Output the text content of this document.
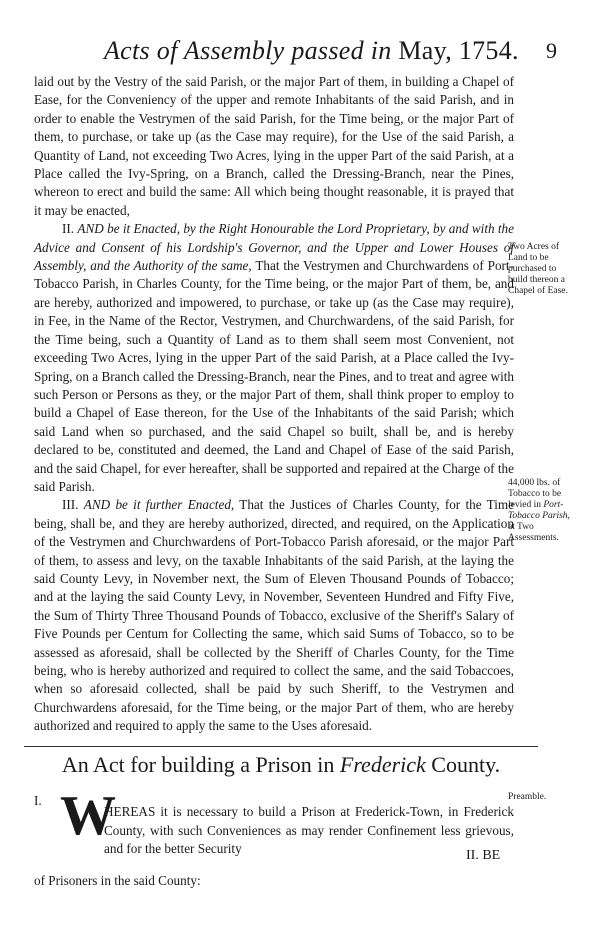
Acts of Assembly passed in May, 1754. 9

laid out by the Vestry of the said Parish, or the major Part of them, in building a Chapel of Ease, for the Conveniency of the upper and remote Inhabitants of the said Parish, and in order to enable the Vestrymen of the said Parish, for the Time being, or the major Part of them, to purchase, or take up (as the Case may require), for the Use of the said Parish, a Quantity of Land, not exceeding Two Acres, lying in the upper Part of the said Parish, at a Place called the Ivy-Spring, on a Branch, called the Dressing-Branch, near the Pines, whereon to erect and build the same: All which being thought reasonable, it is prayed that it may be enacted,

II. AND be it Enacted, by the Right Honourable the Lord Proprietary, by and with the Advice and Consent of his Lordship's Governor, and the Upper and Lower Houses of Assembly, and the Authority of the same, That the Vestrymen and Churchwardens of Port-Tobacco Parish, in Charles County, for the Time being, or the major Part of them, be, and are hereby, authorized and impowered, to purchase, or take up (as the Case may require), in Fee, in the Name of the Rector, Vestrymen, and Churchwardens, of the said Parish, for the Time being, such a Quantity of Land as to them shall seem most Convenient, not exceeding Two Acres, lying in the upper Part of the said Parish, at a Place called the Ivy-Spring, on a Branch called the Dressing-Branch, near the Pines, and to treat and agree with such Person or Persons as they, or the major Part of them, shall think proper to employ to build a Chapel of Ease thereon, for the Use of the Inhabitants of the said Parish; which said Land when so purchased, and the said Chapel so built, shall be, and is hereby declared to be, constituted and deemed, the Land and Chapel of Ease of the said Parish, and the said Chapel, for ever hereafter, shall be supported and repaired at the Charge of the said Parish.

III. AND be it further Enacted, That the Justices of Charles County, for the Time being, shall be, and they are hereby authorized, directed, and required, on the Application of the Vestrymen and Churchwardens of Port-Tobacco Parish aforesaid, or the major Part of them, to assess and levy, on the taxable Inhabitants of the said Parish, at the laying the said County Levy, in November next, the Sum of Eleven Thousand Pounds of Tobacco; and at the laying the said County Levy, in November, Seventeen Hundred and Fifty Five, the Sum of Thirty Three Thousand Pounds of Tobacco, exclusive of the Sheriff's Salary of Five Pounds per Centum for Collecting the same, which said Sums of Tobacco, so to be assessed as aforesaid, shall be collected by the Sheriff of Charles County, for the Time being, who is hereby authorized and required to collect the same, and the said Tobaccoes, when so aforesaid collected, shall be paid by such Sheriff, to the Vestrymen and Churchwardens aforesaid, for the Time being, or the major Part of them, who are hereby authorized and required to apply the same to the Uses aforesaid.

Two Acres of Land to be purchased to build thereon a Chapel of Ease.
44,000 lbs. of Tobacco to be levied in Port-Tobacco Parish, at Two Assessments.
An Act for building a Prison in Frederick County.
I. W

HEREAS it is necessary to build a Prison at Frederick-Town, in Frederick County, with such Conveniences as may render Confinement less grievous, and for the better Security

of Prisoners in the said County:

Preamble.
II. BE
